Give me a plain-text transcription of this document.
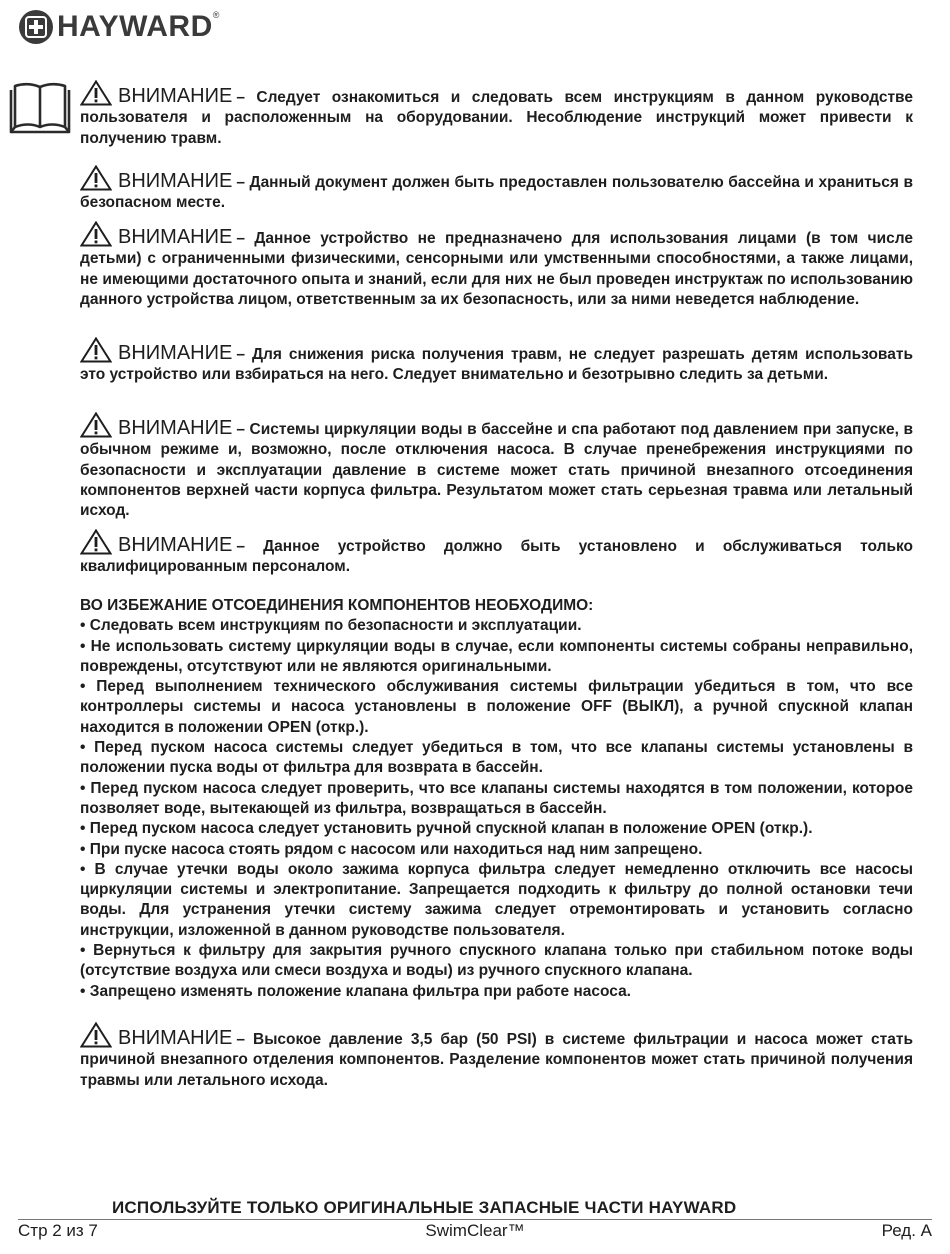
HAYWARD®
ВНИМАНИЕ – Следует ознакомиться и следовать всем инструкциям в данном руководстве пользователя и расположенным на оборудовании. Несоблюдение инструкций может привести к получению травм.
ВНИМАНИЕ – Данный документ должен быть предоставлен пользователю бассейна и храниться в безопасном месте.
ВНИМАНИЕ – Данное устройство не предназначено для использования лицами (в том числе детьми) с ограниченными физическими, сенсорными или умственными способностями, а также лицами, не имеющими достаточного опыта и знаний, если для них не был проведен инструктаж по использованию данного устройства лицом, ответственным за их безопасность, или за ними неведется наблюдение.
ВНИМАНИЕ – Для снижения риска получения травм, не следует разрешать детям использовать это устройство или взбираться на него. Следует внимательно и безотрывно следить за детьми.
ВНИМАНИЕ – Системы циркуляции воды в бассейне и спа работают под давлением при запуске, в обычном режиме и, возможно, после отключения насоса. В случае пренебрежения инструкциями по безопасности и эксплуатации давление в системе может стать причиной внезапного отсоединения компонентов верхней части корпуса фильтра. Результатом может стать серьезная травма или летальный исход.
ВНИМАНИЕ – Данное устройство должно быть установлено и обслуживаться только квалифицированным персоналом.
ВО ИЗБЕЖАНИЕ ОТСОЕДИНЕНИЯ КОМПОНЕНТОВ НЕОБХОДИМО:
• Следовать всем инструкциям по безопасности и эксплуатации.
• Не использовать систему циркуляции воды в случае, если компоненты системы собраны неправильно, повреждены, отсутствуют или не являются оригинальными.
• Перед выполнением технического обслуживания системы фильтрации убедиться в том, что все контроллеры системы и насоса установлены в положение OFF (ВЫКЛ), а ручной спускной клапан находится в положении OPEN (откр.).
• Перед пуском насоса системы следует убедиться в том, что все клапаны системы установлены в положении пуска воды от фильтра для возврата в бассейн.
• Перед пуском насоса следует проверить, что все клапаны системы находятся в том положении, которое позволяет воде, вытекающей из фильтра, возвращаться в бассейн.
• Перед пуском насоса следует установить ручной спускной клапан в положение OPEN (откр.).
• При пуске насоса стоять рядом с насосом или находиться над ним запрещено.
• В случае утечки воды около зажима корпуса фильтра следует немедленно отключить все насосы циркуляции системы и электропитание. Запрещается подходить к фильтру до полной остановки течи воды. Для устранения утечки систему зажима следует отремонтировать и установить согласно инструкции, изложенной в данном руководстве пользователя.
• Вернуться к фильтру для закрытия ручного спускного клапана только при стабильном потоке воды (отсутствие воздуха или смеси воздуха и воды) из ручного спускного клапана.
• Запрещено изменять положение клапана фильтра при работе насоса.
ВНИМАНИЕ – Высокое давление 3,5 бар (50 PSI) в системе фильтрации и насоса может стать причиной внезапного отделения компонентов. Разделение компонентов может стать причиной получения травмы или летального исхода.
ИСПОЛЬЗУЙТЕ ТОЛЬКО ОРИГИНАЛЬНЫЕ ЗАПАСНЫЕ ЧАСТИ HAYWARD
Стр 2 из 7	SwimClear™	Ред. А
